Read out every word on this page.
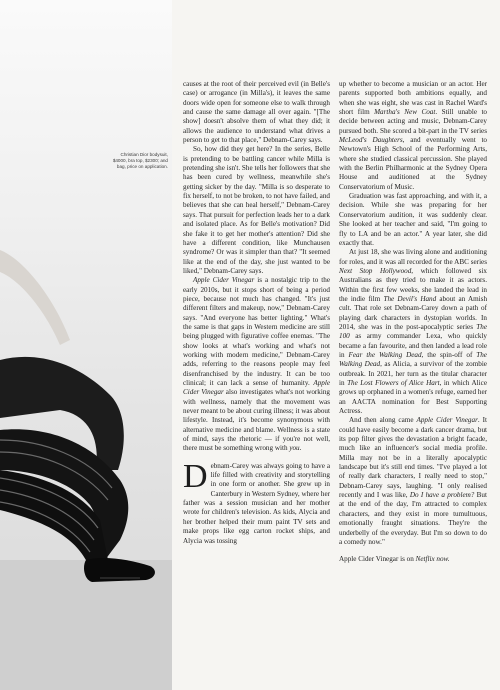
Christian Dior bodysuit, $4000, bra top, $2300; and bag, price on application.

causes at the root of their perceived evil (in Belle's case) or arrogance (in Milla's), it leaves the same doors wide open for someone else to walk through and cause the same damage all over again. "[The show] doesn't absolve them of what they did; it allows the audience to understand what drives a person to get to that place," Debnam-Carey says.

So, how did they get here? In the series, Belle is pretending to be battling cancer while Milla is pretending she isn't. She tells her followers that she has been cured by wellness, meanwhile she's getting sicker by the day. "Milla is so desperate to fix herself, to not be broken, to not have failed, and believes that she can heal herself," Debnam-Carey says. That pursuit for perfection leads her to a dark and isolated place. As for Belle's motivation? Did she fake it to get her mother's attention? Did she have a different condition, like Munchausen syndrome? Or was it simpler than that? "It seemed like at the end of the day, she just wanted to be liked," Debnam-Carey says.

Apple Cider Vinegar is a nostalgic trip to the early 2010s, but it stops short of being a period piece, because not much has changed. "It's just different filters and makeup, now," Debnam-Carey says. "And everyone has better lighting." What's the same is that gaps in Western medicine are still being plugged with figurative coffee enemas. "The show looks at what's working and what's not working with modern medicine," Debnam-Carey adds, referring to the reasons people may feel disenfranchised by the industry. It can be too clinical; it can lack a sense of humanity. Apple Cider Vinegar also investigates what's not working with wellness, namely that the movement was never meant to be about curing illness; it was about lifestyle. Instead, it's become synonymous with alternative medicine and blame. Wellness is a state of mind, says the rhetoric — if you're not well, there must be something wrong with you.

Debnam-Carey was always going to have a life filled with creativity and storytelling in one form or another. She grew up in Canterbury in Western Sydney, where her father was a session musician and her mother wrote for children's television. As kids, Alycia and her brother helped their mum paint TV sets and make props like egg carton rocket ships, and Alycia was tossing

up whether to become a musician or an actor. Her parents supported both ambitions equally, and when she was eight, she was cast in Rachel Ward's short film Martha's New Coat. Still unable to decide between acting and music, Debnam-Carey pursued both. She scored a bit-part in the TV series McLeod's Daughters, and eventually went to Newtown's High School of the Performing Arts, where she studied classical percussion. She played with the Berlin Philharmonic at the Sydney Opera House and auditioned at the Sydney Conservatorium of Music.

Graduation was fast approaching, and with it, a decision. While she was preparing for her Conservatorium audition, it was suddenly clear. She looked at her teacher and said, "I'm going to fly to LA and be an actor." A year later, she did exactly that.

At just 18, she was living alone and auditioning for roles, and it was all recorded for the ABC series Next Stop Hollywood, which followed six Australians as they tried to make it as actors. Within the first few weeks, she landed the lead in the indie film The Devil's Hand about an Amish cult. That role set Debnam-Carey down a path of playing dark characters in dystopian worlds. In 2014, she was in the post-apocalyptic series The 100 as army commander Lexa, who quickly became a fan favourite, and then landed a lead role in Fear the Walking Dead, the spin-off of The Walking Dead, as Alicia, a survivor of the zombie outbreak. In 2021, her turn as the titular character in The Lost Flowers of Alice Hart, in which Alice grows up orphaned in a women's refuge, earned her an AACTA nomination for Best Supporting Actress.

And then along came Apple Cider Vinegar. It could have easily become a dark cancer drama, but its pop filter gives the devastation a bright facade, much like an influencer's social media profile. Milla may not be in a literally apocalyptic landscape but it's still end times. "I've played a lot of really dark characters, I really need to stop," Debnam-Carey says, laughing. "I only realised recently and I was like, Do I have a problem? But at the end of the day, I'm attracted to complex characters, and they exist in more tumultuous, emotionally fraught situations. They're the underbelly of the everyday. But I'm so down to do a comedy now."

Apple Cider Vinegar is on Netflix now.
